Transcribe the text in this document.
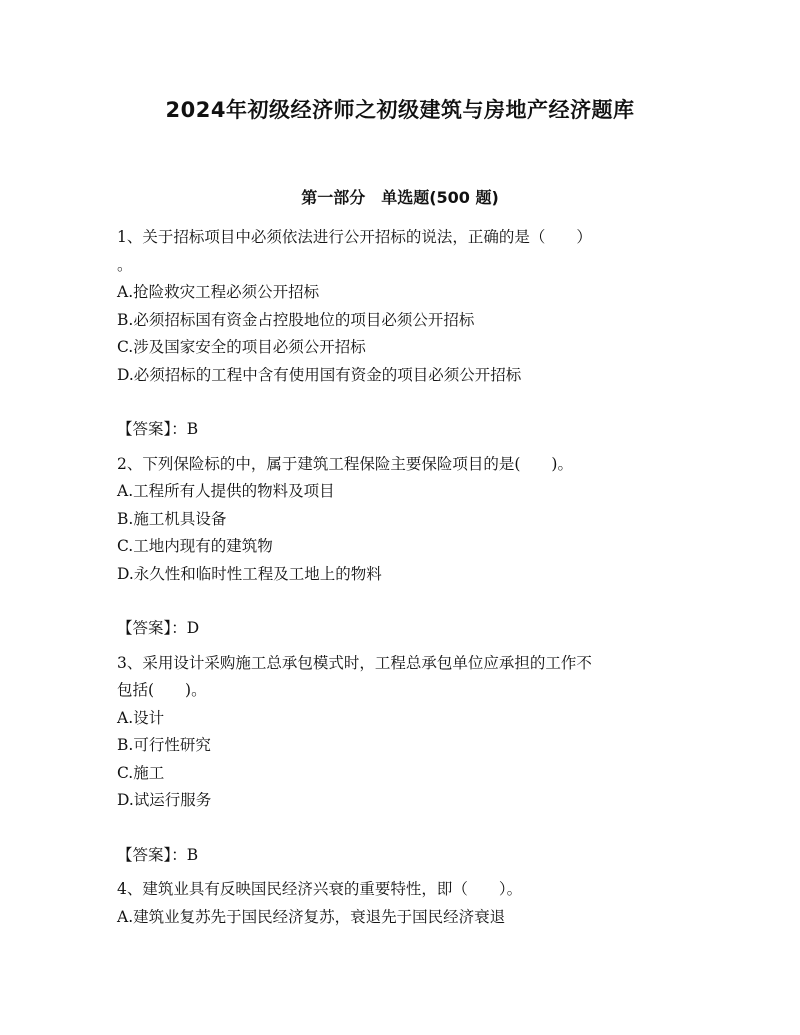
2024年初级经济师之初级建筑与房地产经济题库
第一部分　单选题(500 题)
1、关于招标项目中必须依法进行公开招标的说法，正确的是（　　）
。
A.抢险救灾工程必须公开招标
B.必须招标国有资金占控股地位的项目必须公开招标
C.涉及国家安全的项目必须公开招标
D.必须招标的工程中含有使用国有资金的项目必须公开招标
【答案】：B
2、下列保险标的中，属于建筑工程保险主要保险项目的是(　　)。
A.工程所有人提供的物料及项目
B.施工机具设备
C.工地内现有的建筑物
D.永久性和临时性工程及工地上的物料
【答案】：D
3、采用设计采购施工总承包模式时，工程总承包单位应承担的工作不
包括(　　)。
A.设计
B.可行性研究
C.施工
D.试运行服务
【答案】：B
4、建筑业具有反映国民经济兴衰的重要特性，即（　　）。
A.建筑业复苏先于国民经济复苏，衰退先于国民经济衰退
